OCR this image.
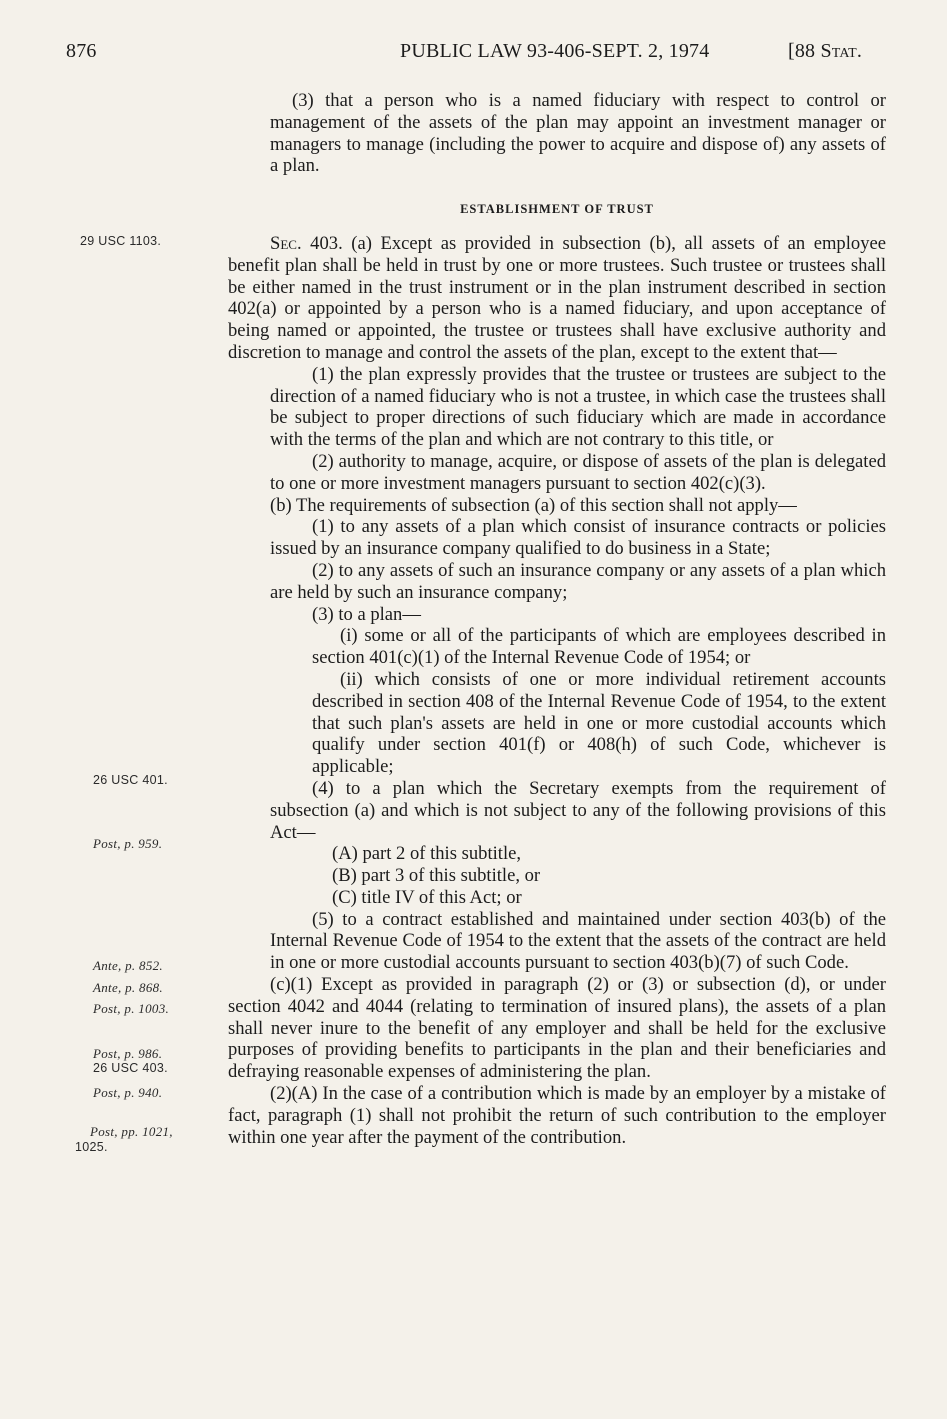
876	PUBLIC LAW 93-406-SEPT. 2, 1974	[88 Stat.
29 USC 1103.
26 USC 401.
Post, p. 959.
Ante, p. 852.
Ante, p. 868.
Post, p. 1003.
Post, p. 986.
26 USC 403.
Post, p. 940.
Post, pp. 1021,
1025.

(3) that a person who is a named fiduciary with respect to control or management of the assets of the plan may appoint an investment manager or managers to manage (including the power to acquire and dispose of) any assets of a plan.

ESTABLISHMENT OF TRUST

Sec. 403. (a) Except as provided in subsection (b), all assets of an employee benefit plan shall be held in trust by one or more trustees. Such trustee or trustees shall be either named in the trust instrument or in the plan instrument described in section 402(a) or appointed by a person who is a named fiduciary, and upon acceptance of being named or appointed, the trustee or trustees shall have exclusive authority and discretion to manage and control the assets of the plan, except to the extent that—

(1) the plan expressly provides that the trustee or trustees are subject to the direction of a named fiduciary who is not a trustee, in which case the trustees shall be subject to proper directions of such fiduciary which are made in accordance with the terms of the plan and which are not contrary to this title, or

(2) authority to manage, acquire, or dispose of assets of the plan is delegated to one or more investment managers pursuant to section 402(c)(3).

(b) The requirements of subsection (a) of this section shall not apply—

(1) to any assets of a plan which consist of insurance contracts or policies issued by an insurance company qualified to do business in a State;

(2) to any assets of such an insurance company or any assets of a plan which are held by such an insurance company;

(3) to a plan—

(i) some or all of the participants of which are employees described in section 401(c)(1) of the Internal Revenue Code of 1954; or

(ii) which consists of one or more individual retirement accounts described in section 408 of the Internal Revenue Code of 1954, to the extent that such plan's assets are held in one or more custodial accounts which qualify under section 401(f) or 408(h) of such Code, whichever is applicable;

(4) to a plan which the Secretary exempts from the requirement of subsection (a) and which is not subject to any of the following provisions of this Act—

(A) part 2 of this subtitle,

(B) part 3 of this subtitle, or

(C) title IV of this Act; or

(5) to a contract established and maintained under section 403(b) of the Internal Revenue Code of 1954 to the extent that the assets of the contract are held in one or more custodial accounts pursuant to section 403(b)(7) of such Code.

(c)(1) Except as provided in paragraph (2) or (3) or subsection (d), or under section 4042 and 4044 (relating to termination of insured plans), the assets of a plan shall never inure to the benefit of any employer and shall be held for the exclusive purposes of providing benefits to participants in the plan and their beneficiaries and defraying reasonable expenses of administering the plan.

(2)(A) In the case of a contribution which is made by an employer by a mistake of fact, paragraph (1) shall not prohibit the return of such contribution to the employer within one year after the payment of the contribution.
